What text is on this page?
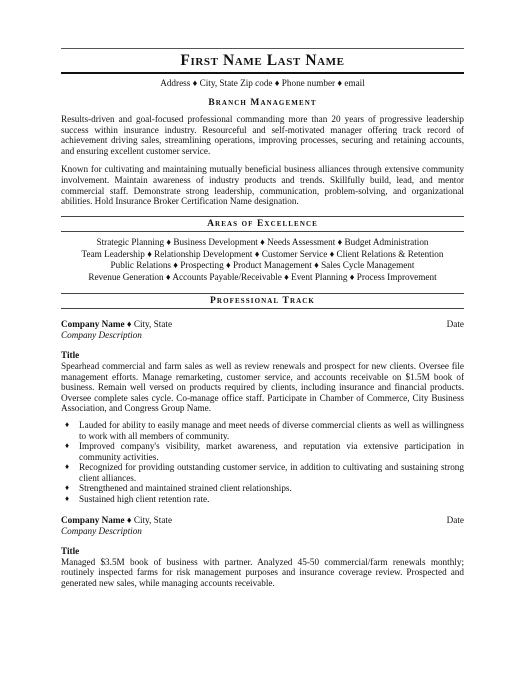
First Name Last Name
Address ♦ City, State Zip code ♦ Phone number ♦ email
Branch Management
Results-driven and goal-focused professional commanding more than 20 years of progressive leadership success within insurance industry. Resourceful and self-motivated manager offering track record of achievement driving sales, streamlining operations, improving processes, securing and retaining accounts, and ensuring excellent customer service.
Known for cultivating and maintaining mutually beneficial business alliances through extensive community involvement. Maintain awareness of industry products and trends. Skillfully build, lead, and mentor commercial staff. Demonstrate strong leadership, communication, problem-solving, and organizational abilities. Hold Insurance Broker Certification Name designation.
Areas of Excellence
Strategic Planning ♦ Business Development ♦ Needs Assessment ♦ Budget Administration
Team Leadership ♦ Relationship Development ♦ Customer Service ♦ Client Relations & Retention
Public Relations ♦ Prospecting ♦ Product Management ♦ Sales Cycle Management
Revenue Generation ♦ Accounts Payable/Receivable ♦ Event Planning ♦ Process Improvement
Professional Track
Company Name ♦ City, State	Date
Company Description
Title
Spearhead commercial and farm sales as well as review renewals and prospect for new clients. Oversee file management efforts. Manage remarketing, customer service, and accounts receivable on $1.5M book of business. Remain well versed on products required by clients, including insurance and financial products. Oversee complete sales cycle. Co-manage office staff. Participate in Chamber of Commerce, City Business Association, and Congress Group Name.
♦ Lauded for ability to easily manage and meet needs of diverse commercial clients as well as willingness to work with all members of community.
♦ Improved company's visibility, market awareness, and reputation via extensive participation in community activities.
♦ Recognized for providing outstanding customer service, in addition to cultivating and sustaining strong client alliances.
♦ Strengthened and maintained strained client relationships.
♦ Sustained high client retention rate.
Company Name ♦ City, State	Date
Company Description
Title
Managed $3.5M book of business with partner. Analyzed 45-50 commercial/farm renewals monthly; routinely inspected farms for risk management purposes and insurance coverage review. Prospected and generated new sales, while managing accounts receivable.
